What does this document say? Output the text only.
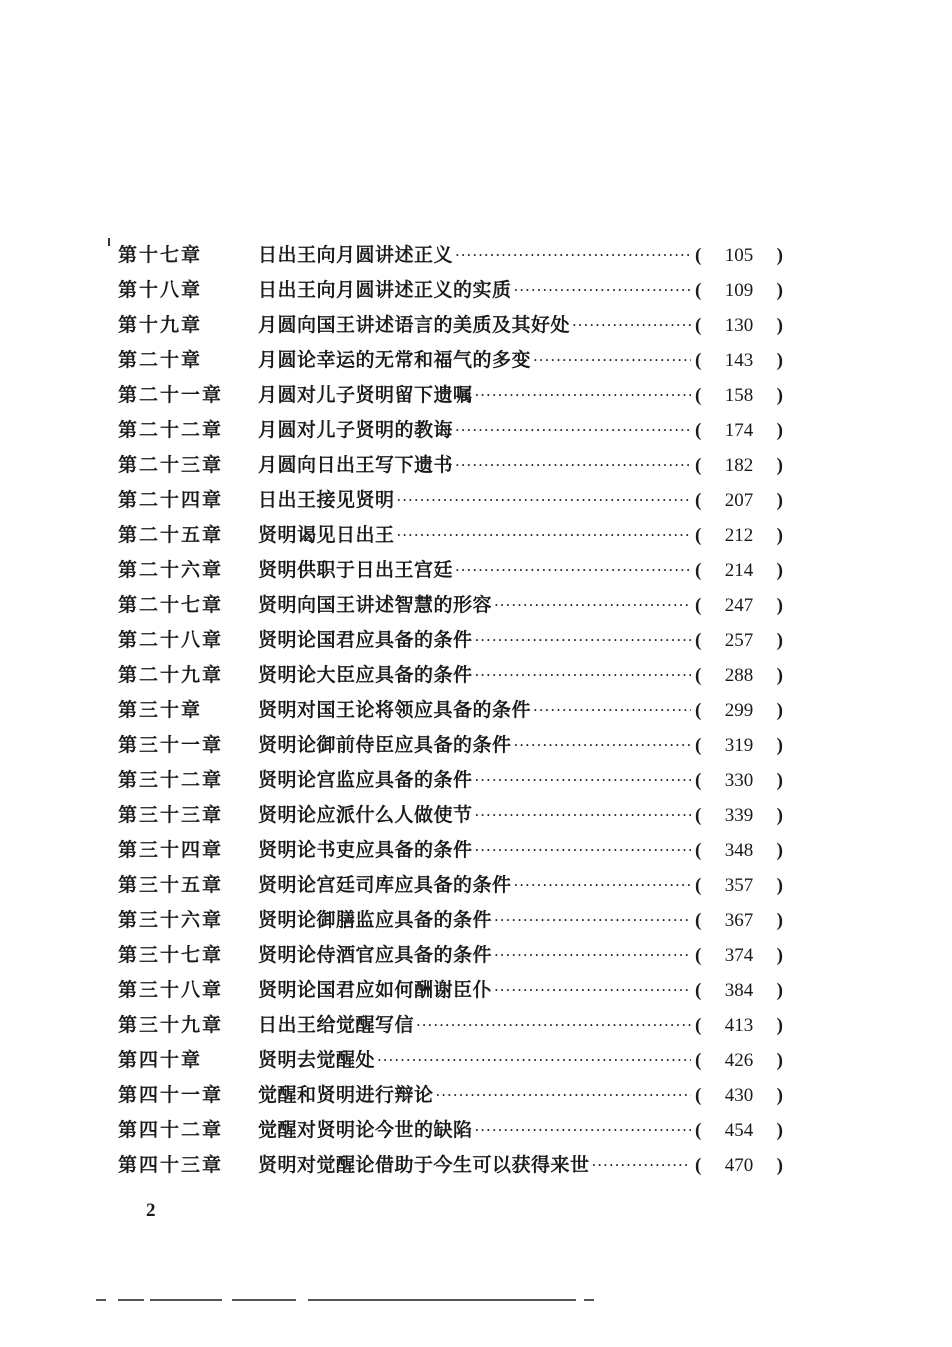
第十七章	日出王向月圆讲述正义 ·····	(	105	)
第十八章	日出王向月圆讲述正义的实质 ·····	(	109	)
第十九章	月圆向国王讲述语言的美质及其好处 ·····	(	130	)
第二十章	月圆论幸运的无常和福气的多变 ·····	(	143	)
第二十一章	月圆对儿子贤明留下遗嘱 ·····	(	158	)
第二十二章	月圆对儿子贤明的教诲 ·····	(	174	)
第二十三章	月圆向日出王写下遗书 ·····	(	182	)
第二十四章	日出王接见贤明 ·····	(	207	)
第二十五章	贤明谒见日出王 ·····	(	212	)
第二十六章	贤明供职于日出王宫廷 ·····	(	214	)
第二十七章	贤明向国王讲述智慧的形容 ·····	(	247	)
第二十八章	贤明论国君应具备的条件 ·····	(	257	)
第二十九章	贤明论大臣应具备的条件 ·····	(	288	)
第三十章	贤明对国王论将领应具备的条件 ·····	(	299	)
第三十一章	贤明论御前侍臣应具备的条件 ·····	(	319	)
第三十二章	贤明论宫监应具备的条件 ·····	(	330	)
第三十三章	贤明论应派什么人做使节 ·····	(	339	)
第三十四章	贤明论书吏应具备的条件 ·····	(	348	)
第三十五章	贤明论宫廷司库应具备的条件 ·····	(	357	)
第三十六章	贤明论御膳监应具备的条件 ·····	(	367	)
第三十七章	贤明论侍酒官应具备的条件 ·····	(	374	)
第三十八章	贤明论国君应如何酬谢臣仆 ·····	(	384	)
第三十九章	日出王给觉醒写信 ·····	(	413	)
第四十章	贤明去觉醒处 ·····	(	426	)
第四十一章	觉醒和贤明进行辩论 ·····	(	430	)
第四十二章	觉醒对贤明论今世的缺陷 ·····	(	454	)
第四十三章	贤明对觉醒论借助于今生可以获得来世 ·····	(	470	)
2
